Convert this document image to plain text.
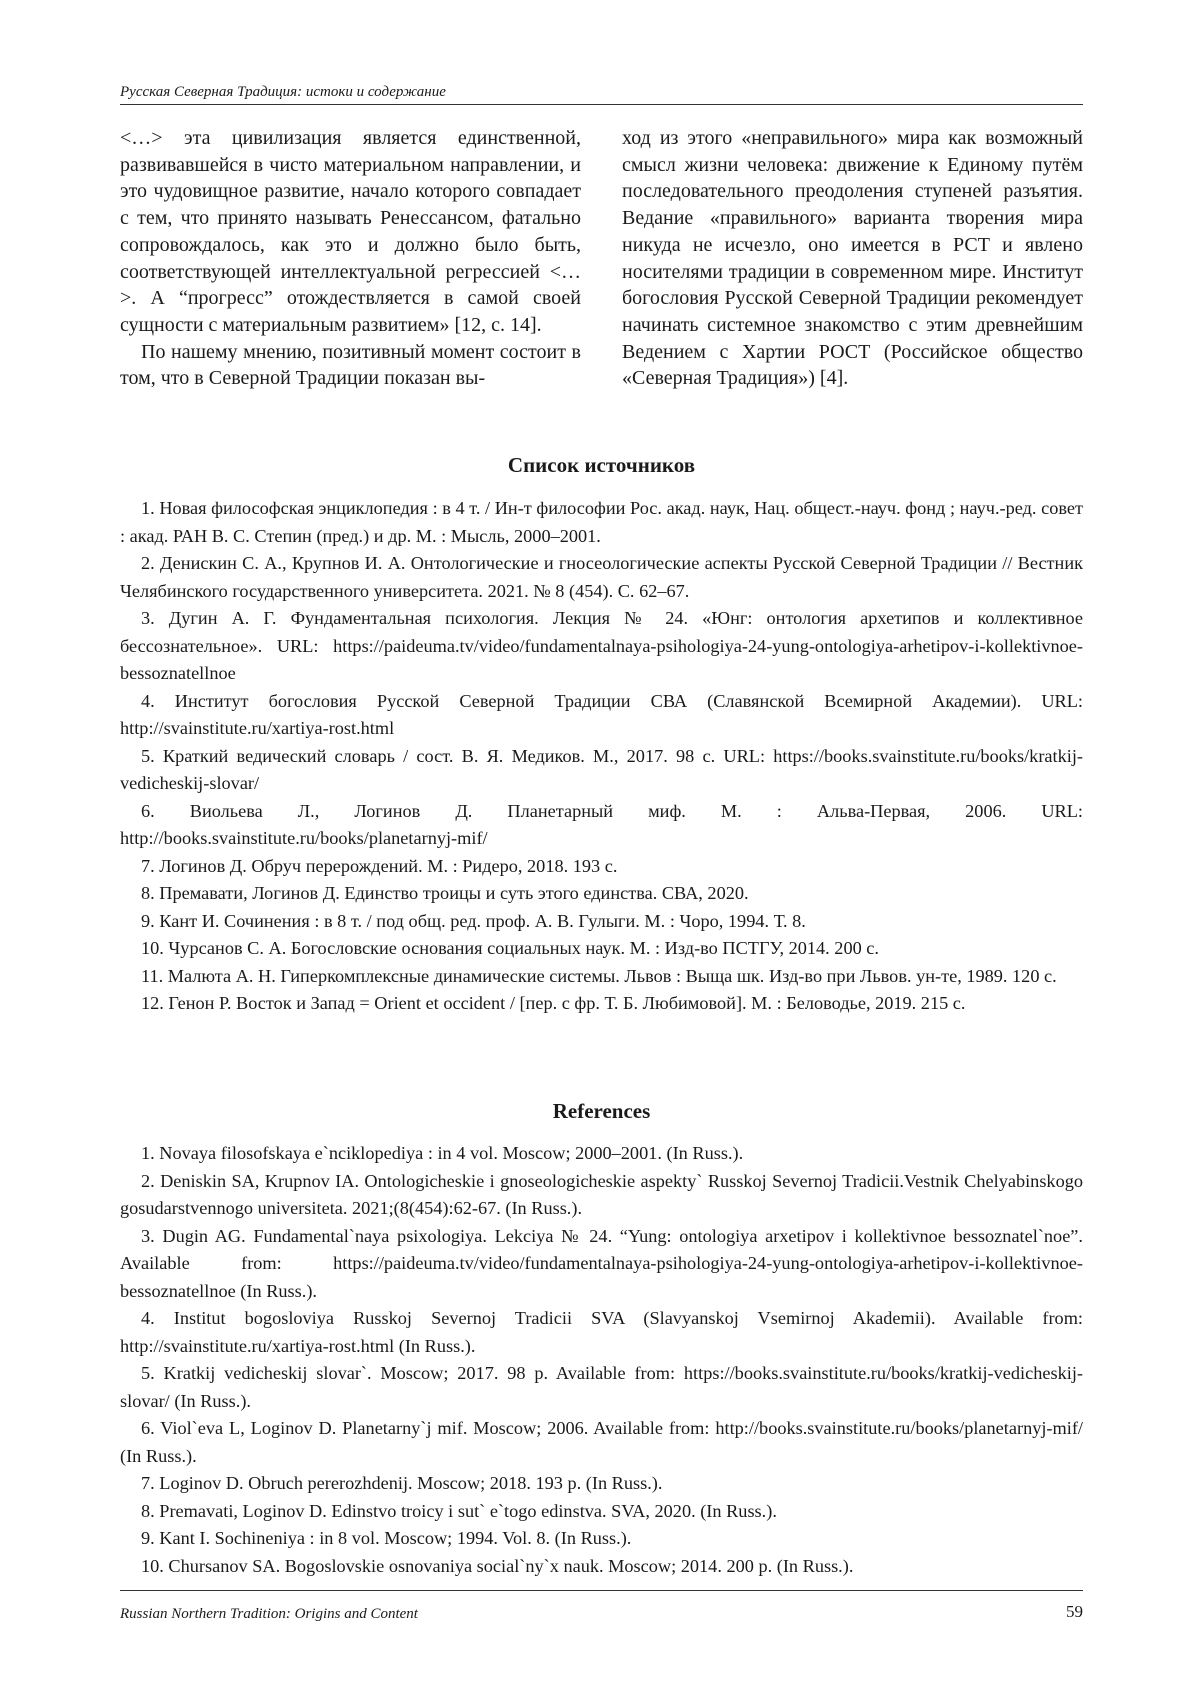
Русская Северная Традиция: истоки и содержание

<…> эта цивилизация является единственной, развивавшейся в чисто материальном направлении, и это чудовищное развитие, начало которого совпадает с тем, что принято называть Ренессансом, фатально сопровождалось, как это и должно было быть, соответствующей интеллектуальной регрессией <…>. А “прогресс” отождествляется в самой своей сущности с материальным развитием» [12, с. 14].

По нашему мнению, позитивный момент состоит в том, что в Северной Традиции показан вы-

ход из этого «неправильного» мира как возможный смысл жизни человека: движение к Единому путём последовательного преодоления ступеней разъятия. Ведание «правильного» варианта творения мира никуда не исчезло, оно имеется в РСТ и явлено носителями традиции в современном мире. Институт богословия Русской Северной Традиции рекомендует начинать системное знакомство с этим древнейшим Ведением с Хартии РОСТ (Российское общество «Северная Традиция») [4].

Список источников

1. Новая философская энциклопедия : в 4 т. / Ин-т философии Рос. акад. наук, Нац. общест.-науч. фонд ; науч.-ред. совет : акад. РАН В. С. Степин (пред.) и др. М. : Мысль, 2000–2001.

2. Денискин С. А., Крупнов И. А. Онтологические и гносеологические аспекты Русской Северной Традиции // Вестник Челябинского государственного университета. 2021. № 8 (454). С. 62–67.

3. Дугин А. Г. Фундаментальная психология. Лекция № 24. «Юнг: онтология архетипов и коллективное бессознательное». URL: https://paideuma.tv/video/fundamentalnaya-psihologiya-24-yung-ontologiya-arhetipov-i-kollektivnoe-bessoznatellnoe

4. Институт богословия Русской Северной Традиции СВА (Славянской Всемирной Академии). URL: http://svainstitute.ru/xartiya-rost.html

5. Краткий ведический словарь / сост. В. Я. Медиков. М., 2017. 98 с. URL: https://books.svainstitute.ru/books/kratkij-vedicheskij-slovar/

6. Виольева Л., Логинов Д. Планетарный миф. М. : Альва-Первая, 2006. URL: http://books.svainstitute.ru/books/planetarnyj-mif/

7. Логинов Д. Обруч перерождений. М. : Ридеро, 2018. 193 с.

8. Премавати, Логинов Д. Единство троицы и суть этого единства. СВА, 2020.

9. Кант И. Сочинения : в 8 т. / под общ. ред. проф. А. В. Гулыги. М. : Чоро, 1994. Т. 8.

10. Чурсанов С. А. Богословские основания социальных наук. М. : Изд-во ПСТГУ, 2014. 200 с.

11. Малюта А. Н. Гиперкомплексные динамические системы. Львов : Выща шк. Изд-во при Львов. ун-те, 1989. 120 с.

12. Генон Р. Восток и Запад = Orient et occident / [пер. с фр. Т. Б. Любимовой]. М. : Беловодье, 2019. 215 с.

References

1. Novaya filosofskaya e`nciklopediya : in 4 vol. Moscow; 2000–2001. (In Russ.).

2. Deniskin SA, Krupnov IA. Ontologicheskie i gnoseologicheskie aspekty` Russkoj Severnoj Tradicii.Vestnik Chelyabinskogo gosudarstvennogo universiteta. 2021;(8(454):62-67. (In Russ.).

3. Dugin AG. Fundamental`naya psixologiya. Lekciya № 24. “Yung: ontologiya arxetipov i kollektivnoe bessoznatel`noe”. Available from: https://paideuma.tv/video/fundamentalnaya-psihologiya-24-yung-ontologiya-arhetipov-i-kollektivnoe-bessoznatellnoe (In Russ.).

4. Institut bogosloviya Russkoj Severnoj Tradicii SVA (Slavyanskoj Vsemirnoj Akademii). Available from: http://svainstitute.ru/xartiya-rost.html (In Russ.).

5. Kratkij vedicheskij slovar`. Moscow; 2017. 98 p. Available from: https://books.svainstitute.ru/books/kratkij-vedicheskij-slovar/ (In Russ.).

6. Viol`eva L, Loginov D. Planetarny`j mif. Moscow; 2006. Available from: http://books.svainstitute.ru/books/planetarnyj-mif/ (In Russ.).

7. Loginov D. Obruch pererozhdenij. Moscow; 2018. 193 p. (In Russ.).

8. Premavati, Loginov D. Edinstvo troicy i sut` e`togo edinstva. SVA, 2020. (In Russ.).

9. Kant I. Sochineniya : in 8 vol. Moscow; 1994. Vol. 8. (In Russ.).

10. Chursanov SA. Bogoslovskie osnovaniya social`ny`x nauk. Moscow; 2014. 200 p. (In Russ.).

Russian Northern Tradition: Origins and Content	59
